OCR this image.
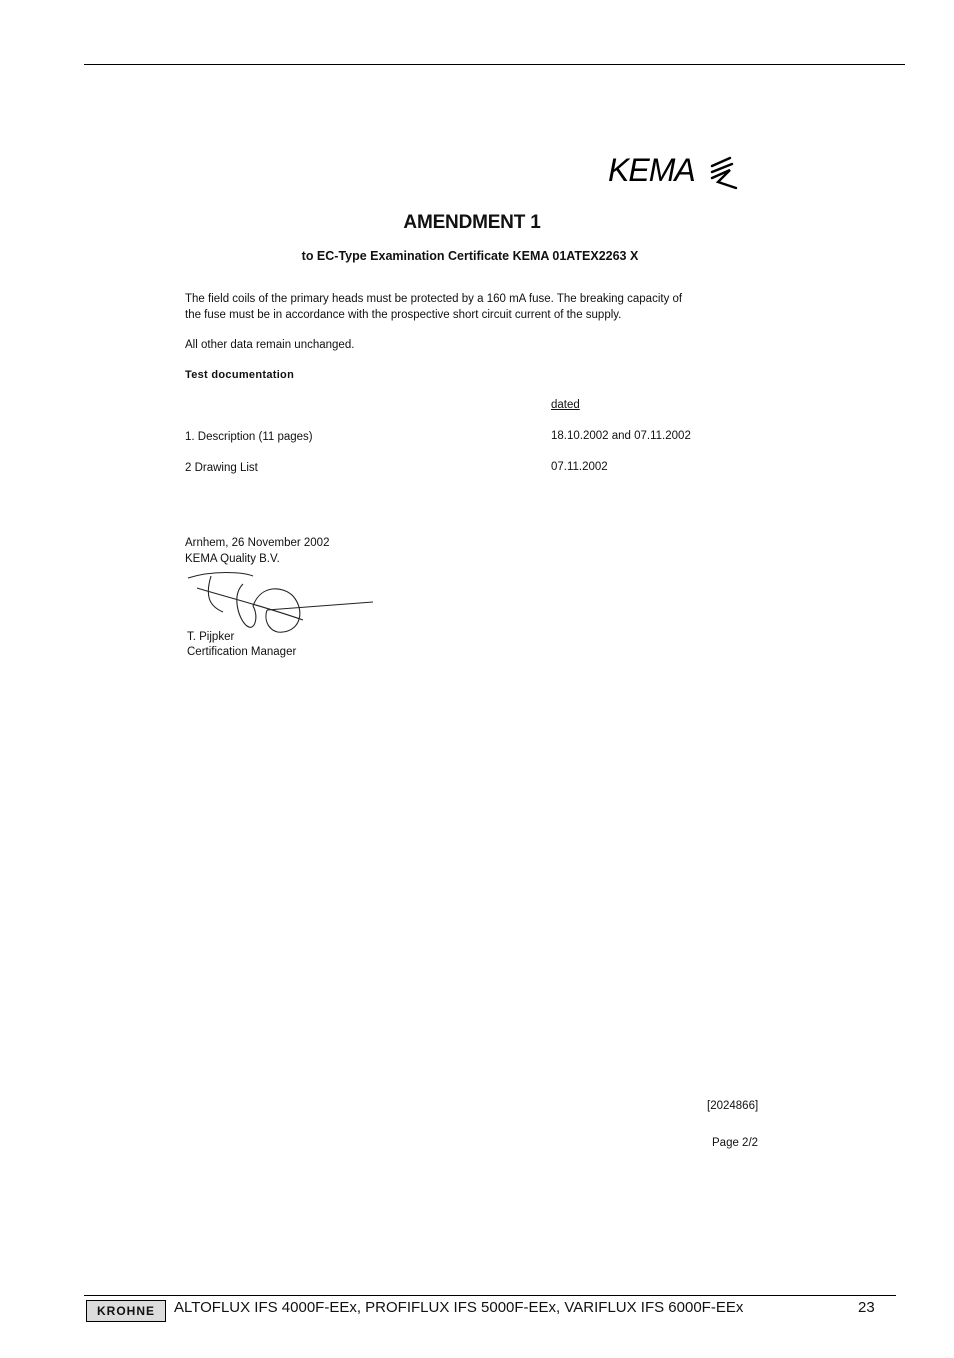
KEMA
AMENDMENT 1
to EC-Type Examination Certificate KEMA 01ATEX2263 X
The field coils of the primary heads must be protected by a 160 mA fuse. The breaking capacity of
the fuse must be in accordance with the prospective short circuit current of the supply.
All other data remain unchanged.
Test documentation
dated
1. Description (11 pages)	18.10.2002 and 07.11.2002
2 Drawing List	07.11.2002
Arnhem, 26 November 2002
KEMA Quality B.V.
T. Pijpker
Certification Manager
[2024866]
Page 2/2
KROHNE	ALTOFLUX IFS 4000F-EEx, PROFIFLUX IFS 5000F-EEx, VARIFLUX IFS 6000F-EEx	23
